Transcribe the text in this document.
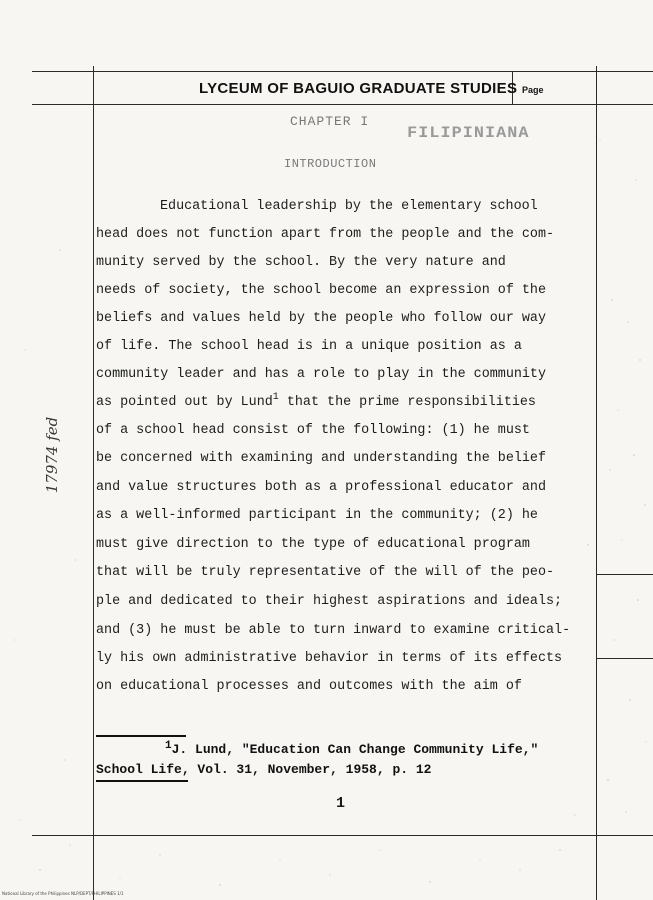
LYCEUM OF BAGUIO GRADUATE STUDIES Page
CHAPTER I
FILIPINIANA
INTRODUCTION
Educational leadership by the elementary school
head does not function apart from the people and the com-
munity served by the school. By the very nature and
needs of society, the school become an expression of the
beliefs and values held by the people who follow our way
of life. The school head is in a unique position as a
community leader and has a role to play in the community
as pointed out by Lund$^1$ that the prime responsibilities
of a school head consist of the following: (1) he must
be concerned with examining and understanding the belief
and value structures both as a professional educator and
as a well-informed participant in the community; (2) he
must give direction to the type of educational program
that will be truly representative of the will of the peo-
ple and dedicated to their highest aspirations and ideals;
and (3) he must be able to turn inward to examine critical-
ly his own administrative behavior in terms of its effects
on educational processes and outcomes with the aim of
$^1$J. Lund, "Education Can Change Community Life,"
School Life, Vol. 31, November, 1958, p. 12
1
17974 fed
National Library of the Philippines NLP/DEPT/PHILIPPINES 1/1
